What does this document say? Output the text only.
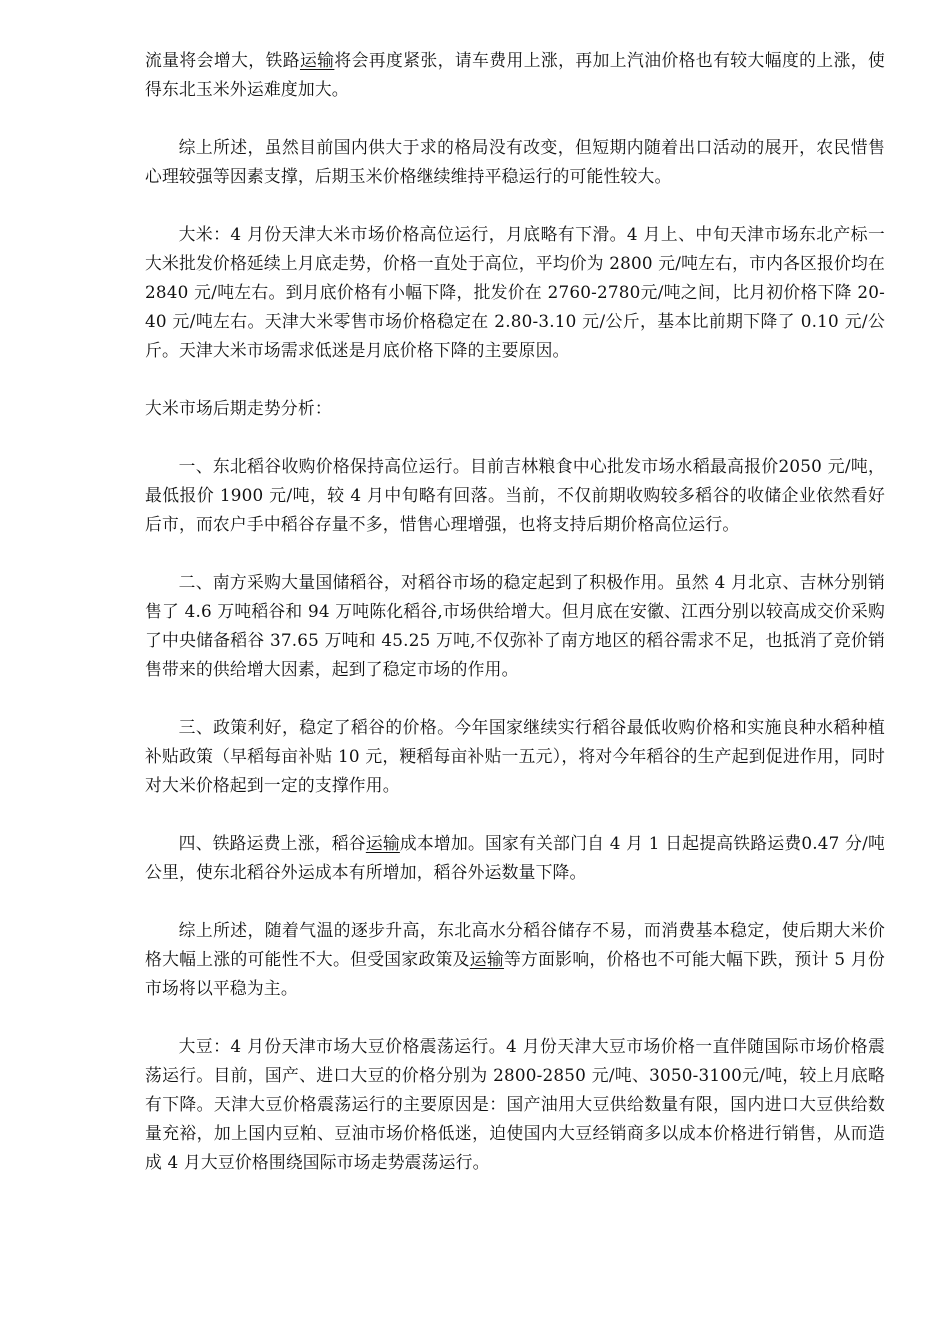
流量将会增大，铁路运输将会再度紧张，请车费用上涨，再加上汽油价格也有较大幅度的上涨，使得东北玉米外运难度加大。

综上所述，虽然目前国内供大于求的格局没有改变，但短期内随着出口活动的展开，农民惜售心理较强等因素支撑，后期玉米价格继续维持平稳运行的可能性较大。

大米：4 月份天津大米市场价格高位运行，月底略有下滑。4 月上、中旬天津市场东北产标一大米批发价格延续上月底走势，价格一直处于高位，平均价为 2800 元/吨左右，市内各区报价均在 2840 元/吨左右。到月底价格有小幅下降，批发价在 2760-2780元/吨之间，比月初价格下降 20-40 元/吨左右。天津大米零售市场价格稳定在 2.80-3.10 元/公斤，基本比前期下降了 0.10 元/公斤。天津大米市场需求低迷是月底价格下降的主要原因。

大米市场后期走势分析：

一、东北稻谷收购价格保持高位运行。目前吉林粮食中心批发市场水稻最高报价2050 元/吨，最低报价 1900 元/吨，较 4 月中旬略有回落。当前，不仅前期收购较多稻谷的收储企业依然看好后市，而农户手中稻谷存量不多，惜售心理增强，也将支持后期价格高位运行。

二、南方采购大量国储稻谷，对稻谷市场的稳定起到了积极作用。虽然 4 月北京、吉林分别销售了 4.6 万吨稻谷和 94 万吨陈化稻谷,市场供给增大。但月底在安徽、江西分别以较高成交价采购了中央储备稻谷 37.65 万吨和 45.25 万吨,不仅弥补了南方地区的稻谷需求不足，也抵消了竞价销售带来的供给增大因素，起到了稳定市场的作用。

三、政策利好，稳定了稻谷的价格。今年国家继续实行稻谷最低收购价格和实施良种水稻种植补贴政策（早稻每亩补贴 10 元，粳稻每亩补贴一五元），将对今年稻谷的生产起到促进作用，同时对大米价格起到一定的支撑作用。

四、铁路运费上涨，稻谷运输成本增加。国家有关部门自 4 月 1 日起提高铁路运费0.47 分/吨公里，使东北稻谷外运成本有所增加，稻谷外运数量下降。

综上所述，随着气温的逐步升高，东北高水分稻谷储存不易，而消费基本稳定，使后期大米价格大幅上涨的可能性不大。但受国家政策及运输等方面影响，价格也不可能大幅下跌，预计 5 月份市场将以平稳为主。

大豆：4 月份天津市场大豆价格震荡运行。4 月份天津大豆市场价格一直伴随国际市场价格震荡运行。目前，国产、进口大豆的价格分别为 2800-2850 元/吨、3050-3100元/吨，较上月底略有下降。天津大豆价格震荡运行的主要原因是：国产油用大豆供给数量有限，国内进口大豆供给数量充裕，加上国内豆粕、豆油市场价格低迷，迫使国内大豆经销商多以成本价格进行销售，从而造成 4 月大豆价格围绕国际市场走势震荡运行。
